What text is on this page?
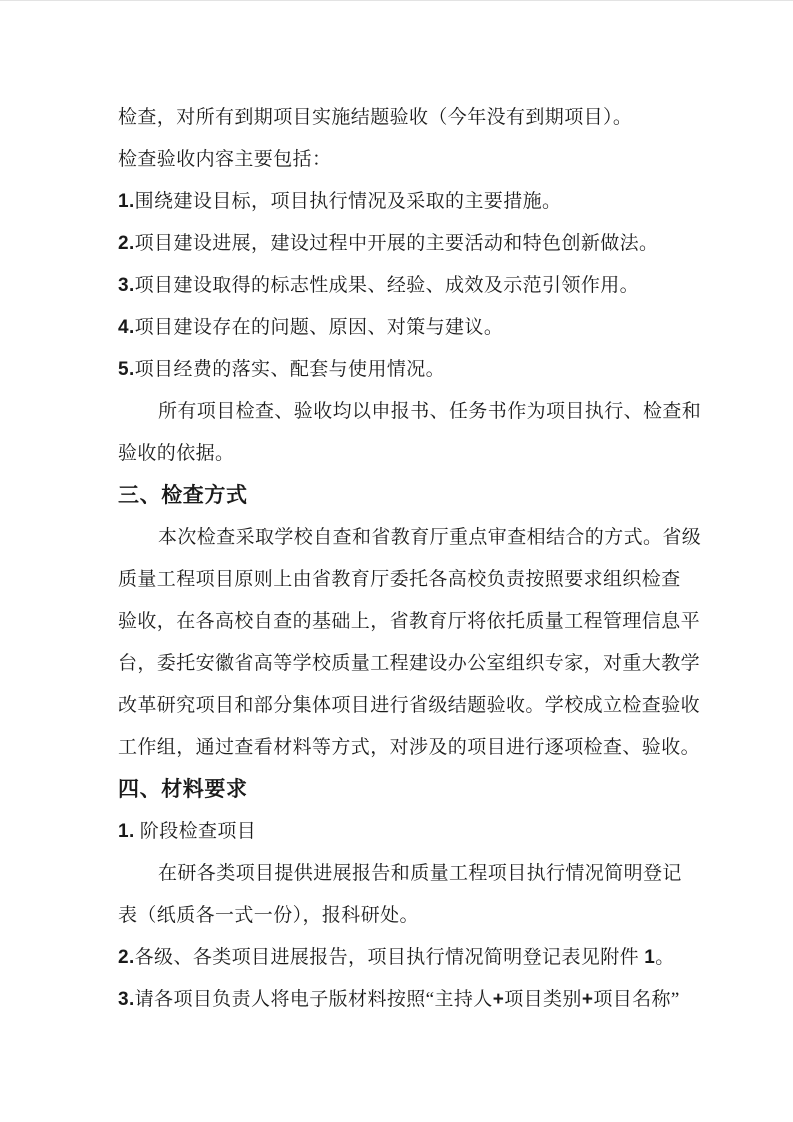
检查，对所有到期项目实施结题验收（今年没有到期项目）。
检查验收内容主要包括：
1.围绕建设目标，项目执行情况及采取的主要措施。
2.项目建设进展，建设过程中开展的主要活动和特色创新做法。
3.项目建设取得的标志性成果、经验、成效及示范引领作用。
4.项目建设存在的问题、原因、对策与建议。
5.项目经费的落实、配套与使用情况。
所有项目检查、验收均以申报书、任务书作为项目执行、检查和
验收的依据。
三、检查方式
本次检查采取学校自查和省教育厅重点审查相结合的方式。省级
质量工程项目原则上由省教育厅委托各高校负责按照要求组织检查
验收，在各高校自查的基础上，省教育厅将依托质量工程管理信息平
台，委托安徽省高等学校质量工程建设办公室组织专家，对重大教学
改革研究项目和部分集体项目进行省级结题验收。学校成立检查验收
工作组，通过查看材料等方式，对涉及的项目进行逐项检查、验收。
四、材料要求
1. 阶段检查项目
在研各类项目提供进展报告和质量工程项目执行情况简明登记
表（纸质各一式一份），报科研处。
2.各级、各类项目进展报告，项目执行情况简明登记表见附件 1。
3.请各项目负责人将电子版材料按照“主持人+项目类别+项目名称”
